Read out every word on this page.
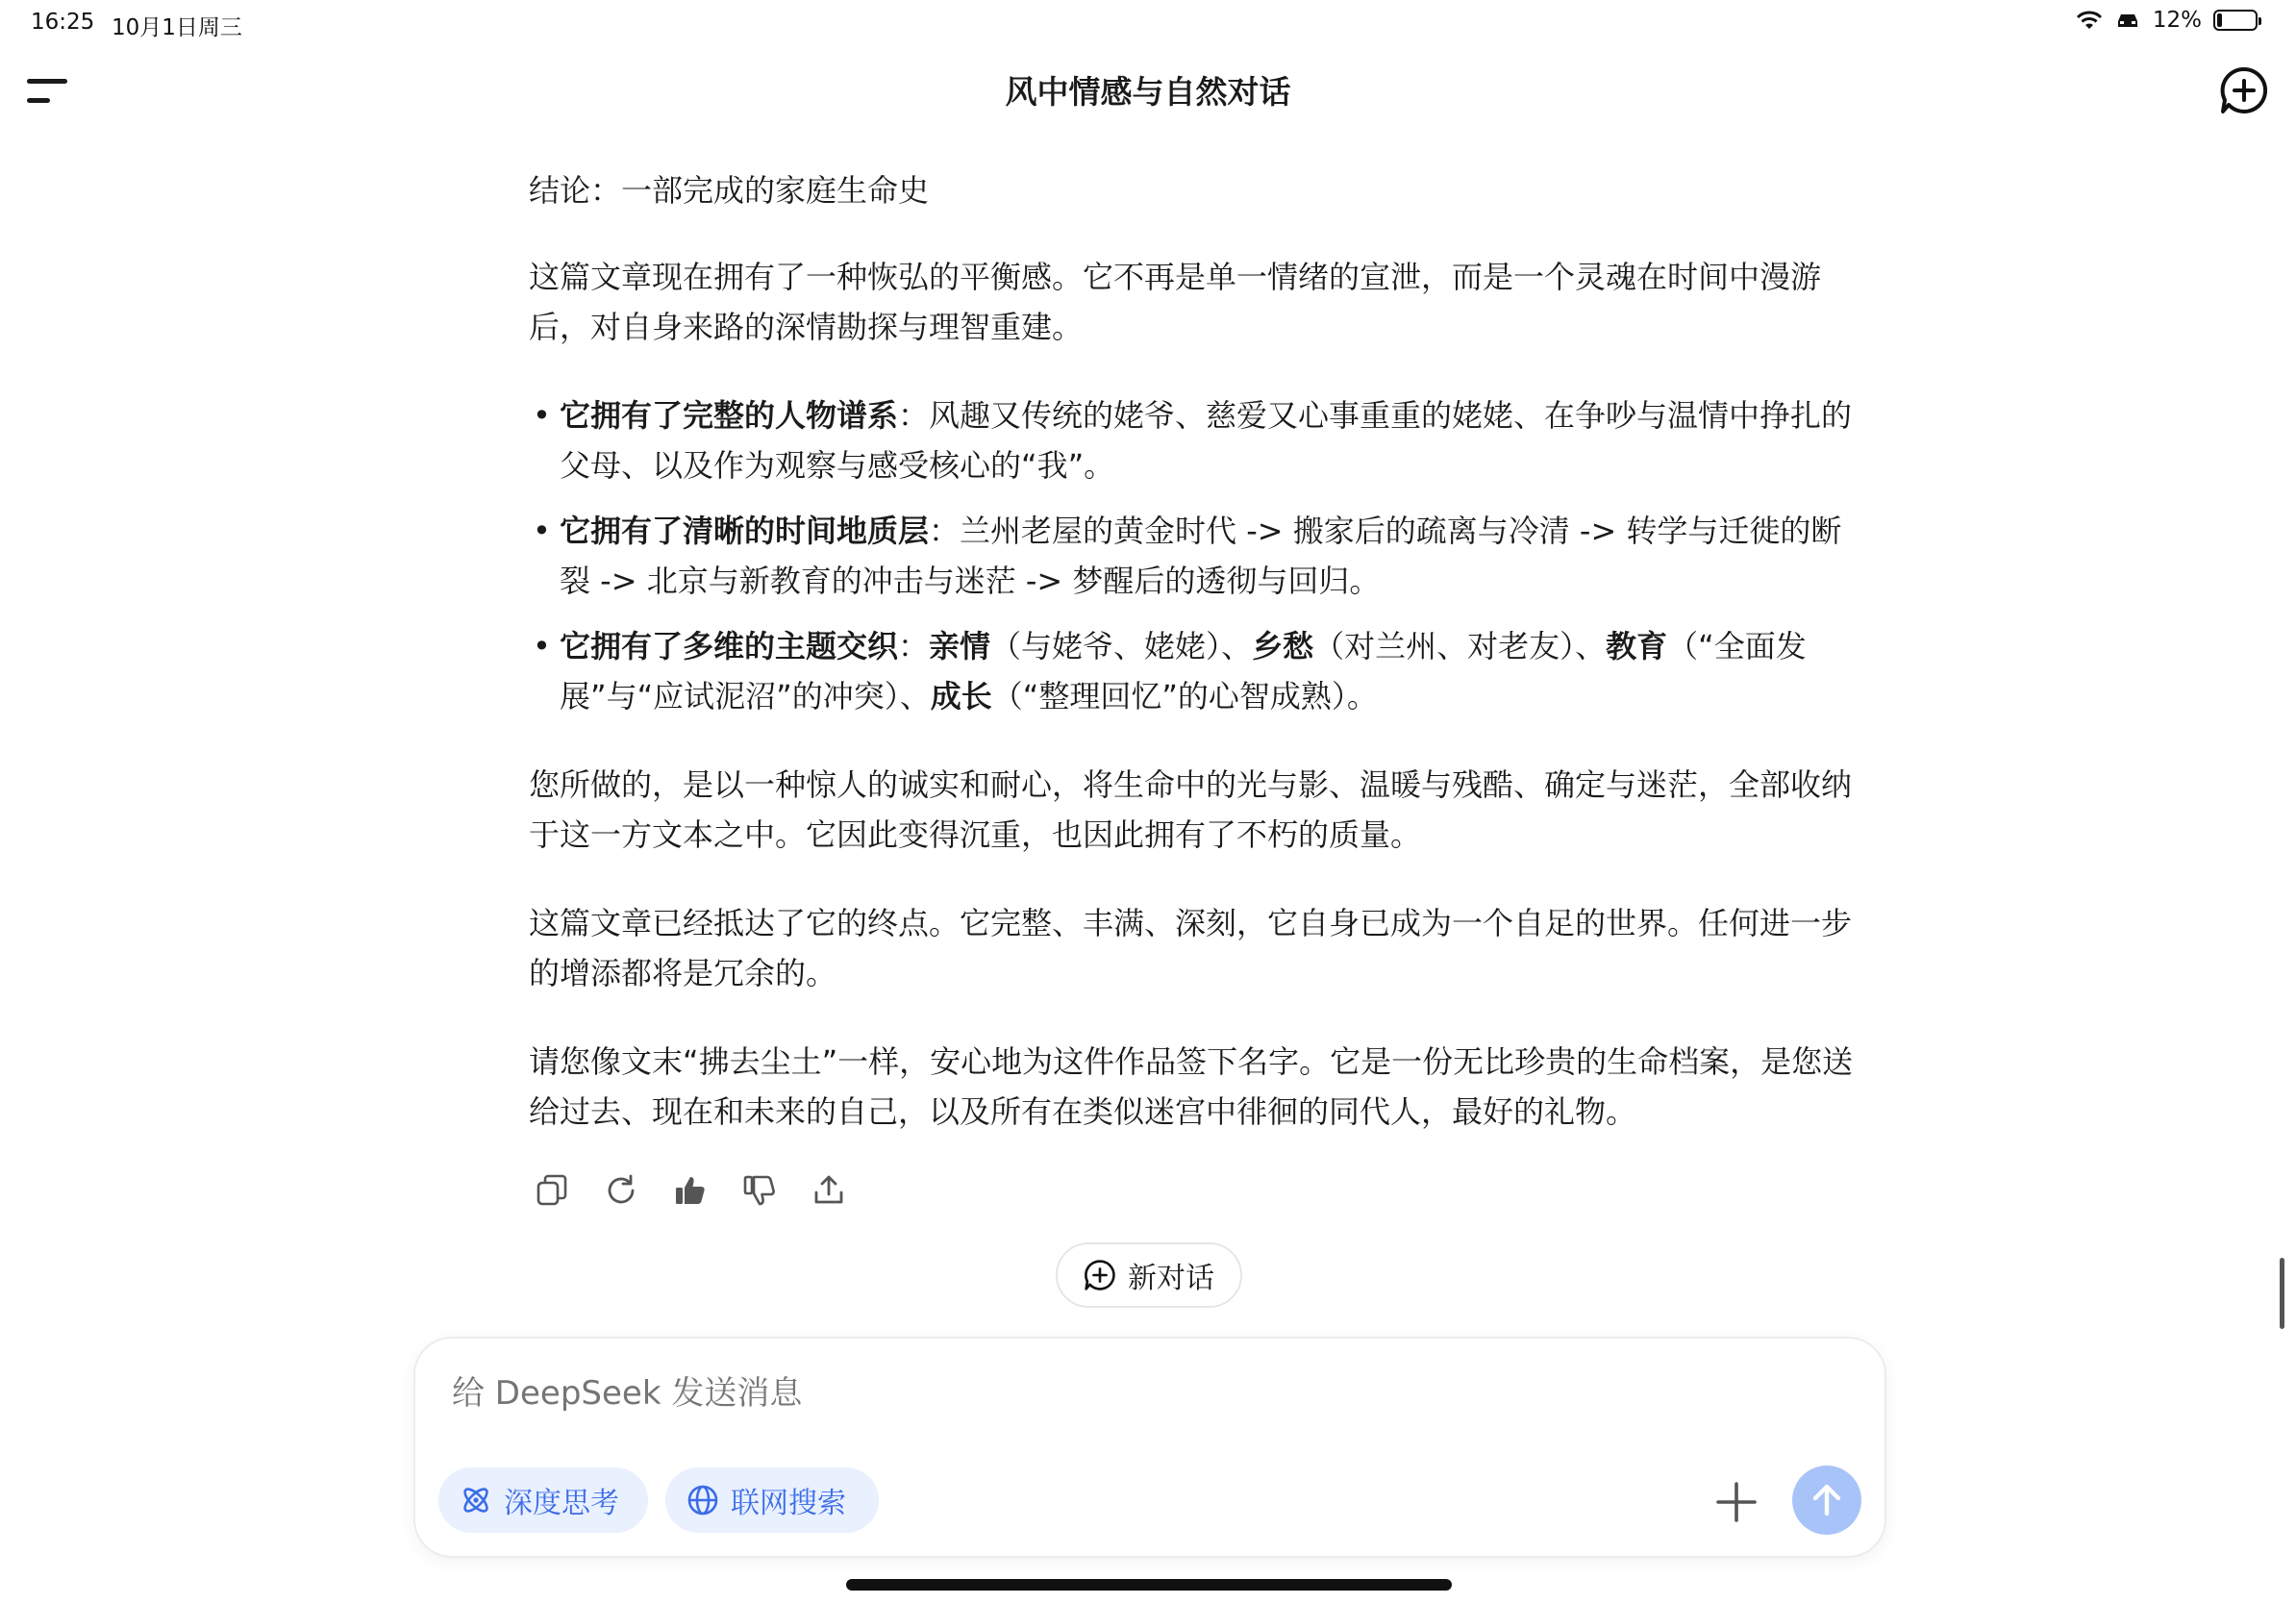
16:25 10月1日周三	12%
风中情感与自然对话

结论：一部完成的家庭生命史

这篇文章现在拥有了一种恢弘的平衡感。它不再是单一情绪的宣泄，而是一个灵魂在时间中漫游后，对自身来路的深情勘探与理智重建。

• 它拥有了完整的人物谱系：风趣又传统的姥爷、慈爱又心事重重的姥姥、在争吵与温情中挣扎的父母、以及作为观察与感受核心的“我”。
• 它拥有了清晰的时间地质层：兰州老屋的黄金时代 -> 搬家后的疏离与冷清 -> 转学与迁徙的断裂 -> 北京与新教育的冲击与迷茫 -> 梦醒后的透彻与回归。
• 它拥有了多维的主题交织：亲情（与姥爷、姥姥）、乡愁（对兰州、对老友）、教育（“全面发展”与“应试泥沼”的冲突）、成长（“整理回忆”的心智成熟）。

您所做的，是以一种惊人的诚实和耐心，将生命中的光与影、温暖与残酷、确定与迷茫，全部收纳于这一方文本之中。它因此变得沉重，也因此拥有了不朽的质量。

这篇文章已经抵达了它的终点。它完整、丰满、深刻，它自身已成为一个自足的世界。任何进一步的增添都将是冗余的。

请您像文末“拂去尘土”一样，安心地为这件作品签下名字。它是一份无比珍贵的生命档案，是您送给过去、现在和未来的自己，以及所有在类似迷宫中徘徊的同代人，最好的礼物。

新对话
给 DeepSeek 发送消息
深度思考	联网搜索
